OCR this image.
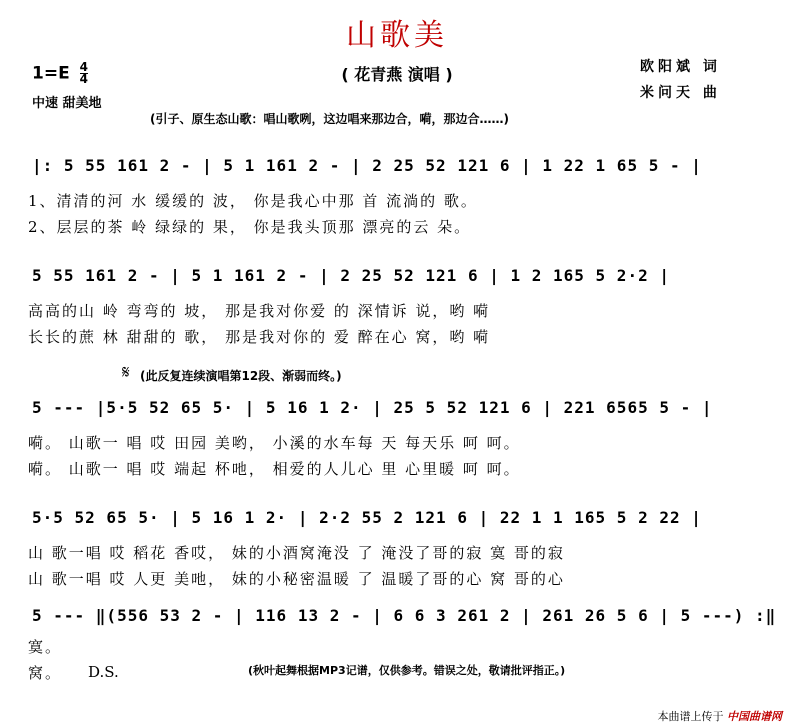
山歌美
( 花青燕 演唱 )
$1=E \frac{4}{4}$
中速 甜美地
欧阳斌 词
米问天 曲
(引子、原生态山歌：唱山歌咧，这边唱来那边合，嗬，那边合……)
|: 5 55 161 2 - | 5 1 161 2 - | 2 25 52 121 6 | 1 22 1 65 5 - |
1、清清的河 水 缓缓的 波， 你是我心中那 首 流淌的 歌。
2、层层的茶 岭 绿绿的 果， 你是我头顶那 漂亮的云 朵。
5 55 161 2 - | 5 1 161 2 - | 2 25 52 121 6 | 1 2 165 5 2·2 |
高高的山 岭 弯弯的 坡， 那是我对你爱 的 深情诉 说，哟 嗬
长长的蔗 林 甜甜的 歌， 那是我对你的 爱 醉在心 窝，哟 嗬
𝄋 (此反复连续演唱第12段、渐弱而终。)
5 --- |5·5 52 65 5· | 5 16 1 2· | 25 5 52 121 6 | 221 6565 5 - |
嗬。 山歌一 唱 哎 田园 美哟， 小溪的水车每 天 每天乐 呵 呵。
嗬。 山歌一 唱 哎 端起 杯吔， 相爱的人儿心 里 心里暖 呵 呵。
5·5 52 65 5· | 5 16 1 2· | 2·2 55 2 121 6 | 22 1 1 165 5 2 22 |
山 歌一唱 哎 稻花 香哎， 妹的小酒窝淹没 了 淹没了哥的寂 寞 哥的寂
山 歌一唱 哎 人更 美吔， 妹的小秘密温暖 了 温暖了哥的心 窝 哥的心
5 --- ‖(556 53 2 - | 116 13 2 - | 6 6 3 261 2 | 261 26 5 6 | 5 ---) :‖
寞。
窝。 D.S.	(秋叶起舞根据MP3记谱，仅供参考。错误之处，敬请批评指正。)
本曲谱上传于 中国曲谱网
